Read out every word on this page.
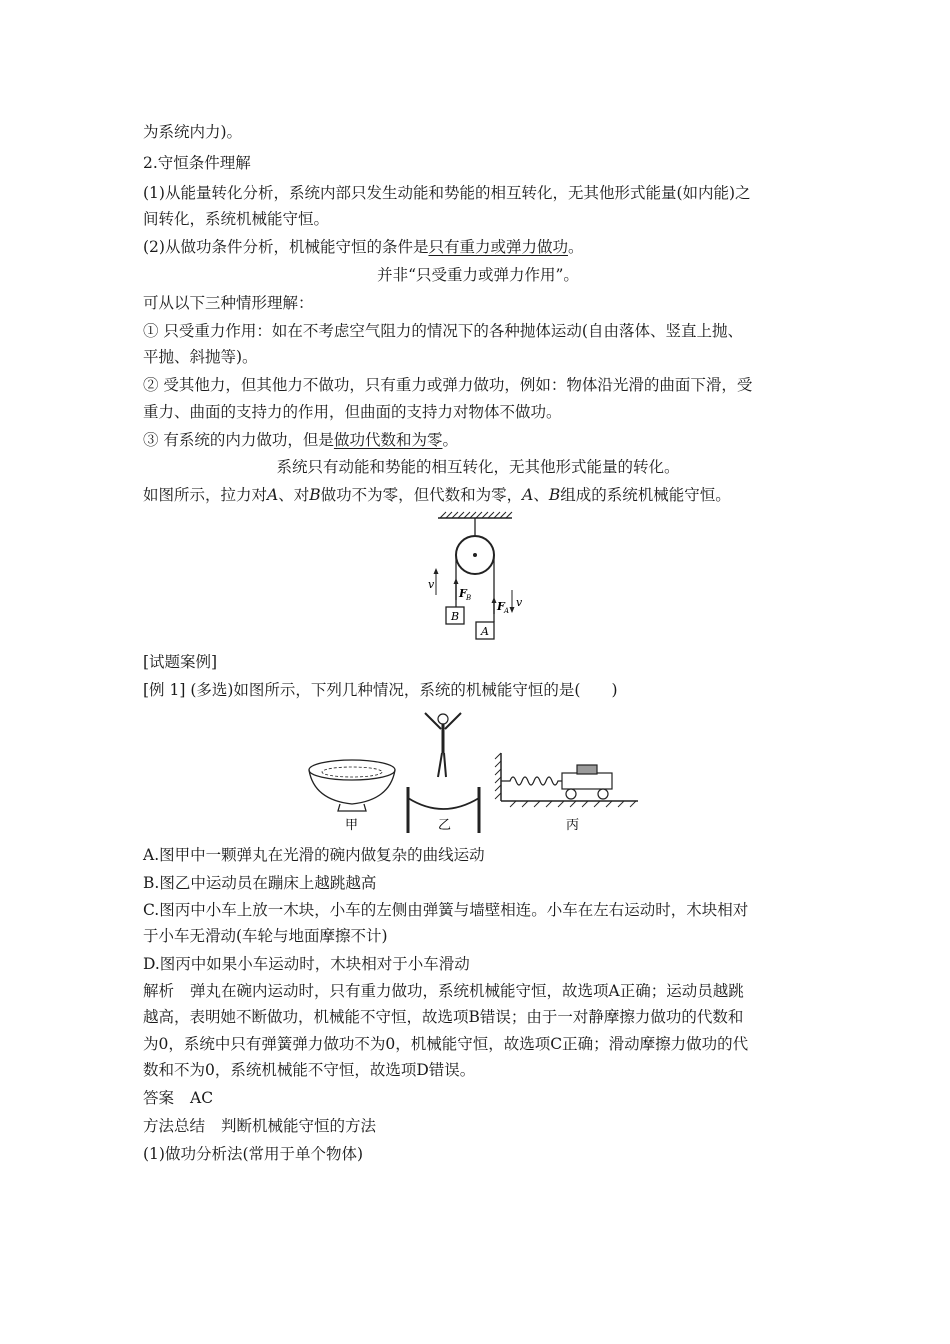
为系统内力)。
2.守恒条件理解
(1)从能量转化分析，系统内部只发生动能和势能的相互转化，无其他形式能量(如内能)之
间转化，系统机械能守恒。
(2)从做功条件分析，机械能守恒的条件是只有重力或弹力做功。
并非“只受重力或弹力作用”。
可从以下三种情形理解：
① 只受重力作用：如在不考虑空气阻力的情况下的各种抛体运动(自由落体、竖直上抛、
平抛、斜抛等)。
② 受其他力，但其他力不做功，只有重力或弹力做功，例如：物体沿光滑的曲面下滑，受
重力、曲面的支持力的作用，但曲面的支持力对物体不做功。
③ 有系统的内力做功，但是做功代数和为零。
系统只有动能和势能的相互转化，无其他形式能量的转化。
如图所示，拉力对A、对B做功不为零，但代数和为零，A、B组成的系统机械能守恒。
v
F B
F A
v
B
A
[试题案例]
[例 1] (多选)如图所示，下列几种情况，系统的机械能守恒的是(　　)
甲	乙	丙
A.图甲中一颗弹丸在光滑的碗内做复杂的曲线运动
B.图乙中运动员在蹦床上越跳越高
C.图丙中小车上放一木块，小车的左侧由弹簧与墙壁相连。小车在左右运动时，木块相对
于小车无滑动(车轮与地面摩擦不计)
D.图丙中如果小车运动时，木块相对于小车滑动
解析 弹丸在碗内运动时，只有重力做功，系统机械能守恒，故选项A正确；运动员越跳
越高，表明她不断做功，机械能不守恒，故选项B错误；由于一对静摩擦力做功的代数和
为0，系统中只有弹簧弹力做功不为0，机械能守恒，故选项C正确；滑动摩擦力做功的代
数和不为0，系统机械能不守恒，故选项D错误。
答案 AC
方法总结 判断机械能守恒的方法
(1)做功分析法(常用于单个物体)
